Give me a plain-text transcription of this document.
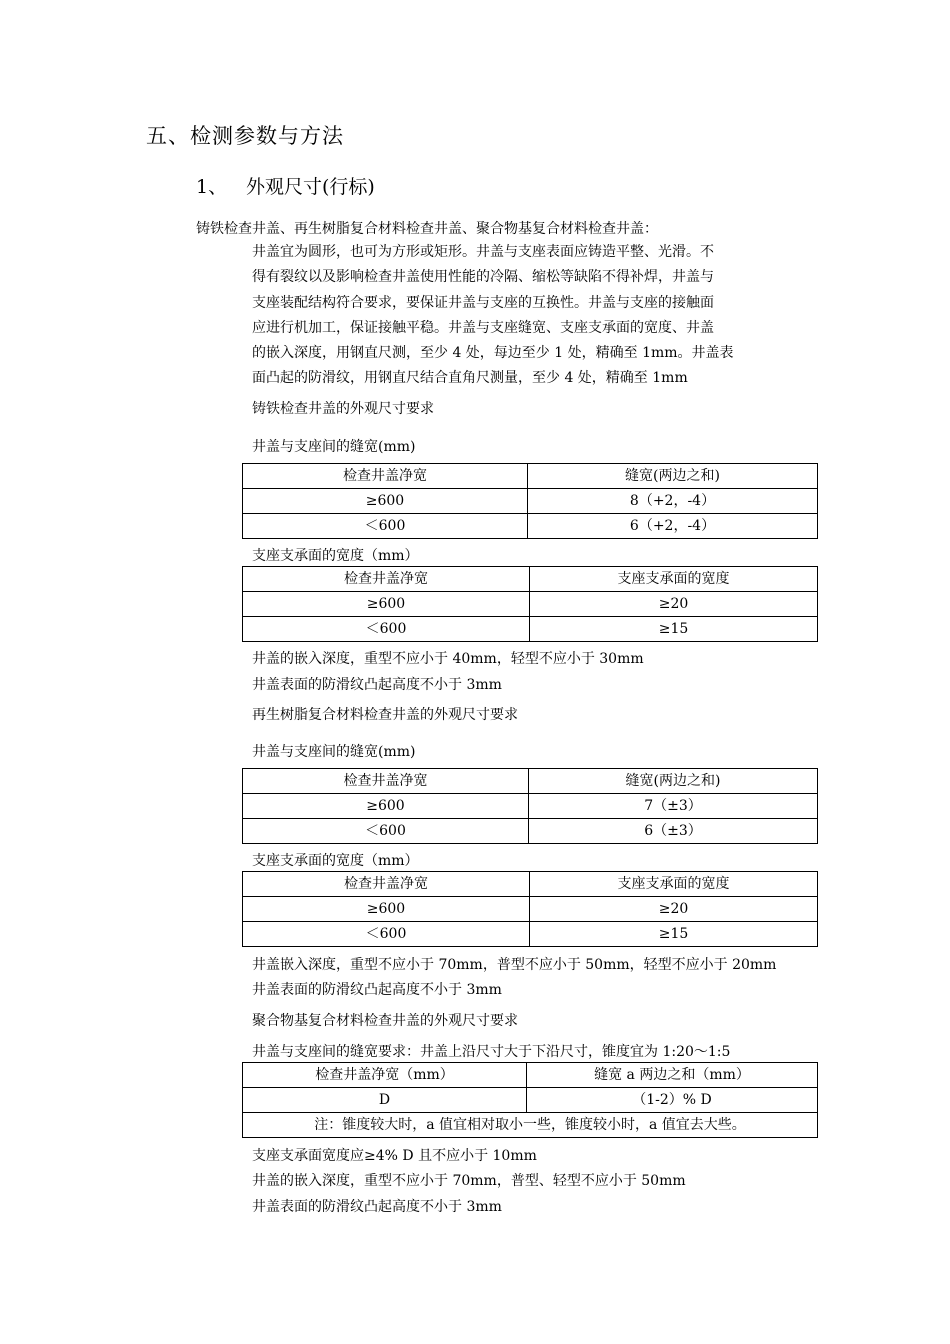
五、检测参数与方法
1、 外观尺寸(行标)
铸铁检查井盖、再生树脂复合材料检查井盖、聚合物基复合材料检查井盖：
井盖宜为圆形，也可为方形或矩形。井盖与支座表面应铸造平整、光滑。不
得有裂纹以及影响检查井盖使用性能的冷隔、缩松等缺陷不得补焊，井盖与
支座装配结构符合要求，要保证井盖与支座的互换性。井盖与支座的接触面
应进行机加工，保证接触平稳。井盖与支座缝宽、支座支承面的宽度、井盖
的嵌入深度，用钢直尺测，至少 4 处，每边至少 1 处，精确至 1mm。井盖表
面凸起的防滑纹，用钢直尺结合直角尺测量，至少 4 处，精确至 1mm
铸铁检查井盖的外观尺寸要求
井盖与支座间的缝宽(mm)
检查井盖净宽	缝宽(两边之和)
≥600	8（+2，-4）
＜600	6（+2，-4）
支座支承面的宽度（mm）
检查井盖净宽	支座支承面的宽度
≥600	≥20
＜600	≥15
井盖的嵌入深度，重型不应小于 40mm，轻型不应小于 30mm
井盖表面的防滑纹凸起高度不小于 3mm
再生树脂复合材料检查井盖的外观尺寸要求
井盖与支座间的缝宽(mm)
检查井盖净宽	缝宽(两边之和)
≥600	7（±3）
＜600	6（±3）
支座支承面的宽度（mm）
检查井盖净宽	支座支承面的宽度
≥600	≥20
＜600	≥15
井盖嵌入深度，重型不应小于 70mm，普型不应小于 50mm，轻型不应小于 20mm
井盖表面的防滑纹凸起高度不小于 3mm
聚合物基复合材料检查井盖的外观尺寸要求
井盖与支座间的缝宽要求：井盖上沿尺寸大于下沿尺寸，锥度宜为 1:20～1:5
检查井盖净宽（mm）	缝宽 a 两边之和（mm）
D	（1-2）% D
注：锥度较大时，a 值宜相对取小一些，锥度较小时，a 值宜去大些。	
支座支承面宽度应≥4% D 且不应小于 10mm
井盖的嵌入深度，重型不应小于 70mm，普型、轻型不应小于 50mm
井盖表面的防滑纹凸起高度不小于 3mm
